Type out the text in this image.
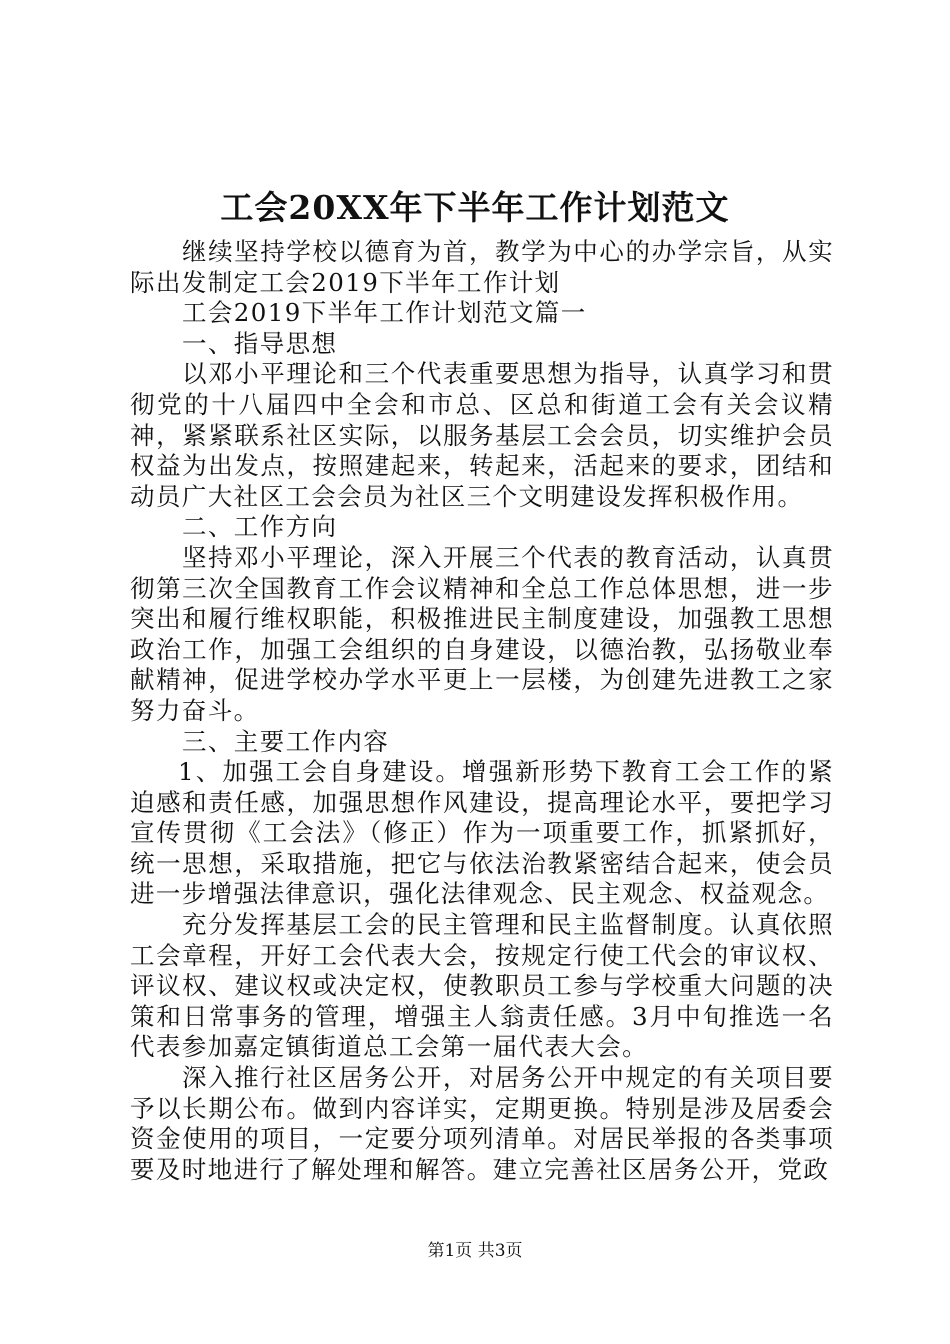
工会20XX年下半年工作计划范文

继续坚持学校以德育为首，教学为中心的办学宗旨，从实际出发制定工会2019下半年工作计划

工会2019下半年工作计划范文篇一

一、指导思想

以邓小平理论和三个代表重要思想为指导，认真学习和贯彻党的十八届四中全会和市总、区总和街道工会有关会议精神，紧紧联系社区实际，以服务基层工会会员，切实维护会员权益为出发点，按照建起来，转起来，活起来的要求，团结和动员广大社区工会会员为社区三个文明建设发挥积极作用。

二、工作方向

坚持邓小平理论，深入开展三个代表的教育活动，认真贯彻第三次全国教育工作会议精神和全总工作总体思想，进一步突出和履行维权职能，积极推进民主制度建设，加强教工思想政治工作，加强工会组织的自身建设，以德治教，弘扬敬业奉献精神，促进学校办学水平更上一层楼，为创建先进教工之家努力奋斗。

三、主要工作内容

1、加强工会自身建设。增强新形势下教育工会工作的紧迫感和责任感，加强思想作风建设，提高理论水平，要把学习宣传贯彻《工会法》（修正）作为一项重要工作，抓紧抓好，统一思想，采取措施，把它与依法治教紧密结合起来，使会员进一步增强法律意识，强化法律观念、民主观念、权益观念。

充分发挥基层工会的民主管理和民主监督制度。认真依照工会章程，开好工会代表大会，按规定行使工代会的审议权、评议权、建议权或决定权，使教职员工参与学校重大问题的决策和日常事务的管理，增强主人翁责任感。3月中旬推选一名代表参加嘉定镇街道总工会第一届代表大会。

深入推行社区居务公开，对居务公开中规定的有关项目要予以长期公布。做到内容详实，定期更换。特别是涉及居委会资金使用的项目，一定要分项列清单。对居民举报的各类事项要及时地进行了解处理和解答。建立完善社区居务公开，党政

第1页 共3页
